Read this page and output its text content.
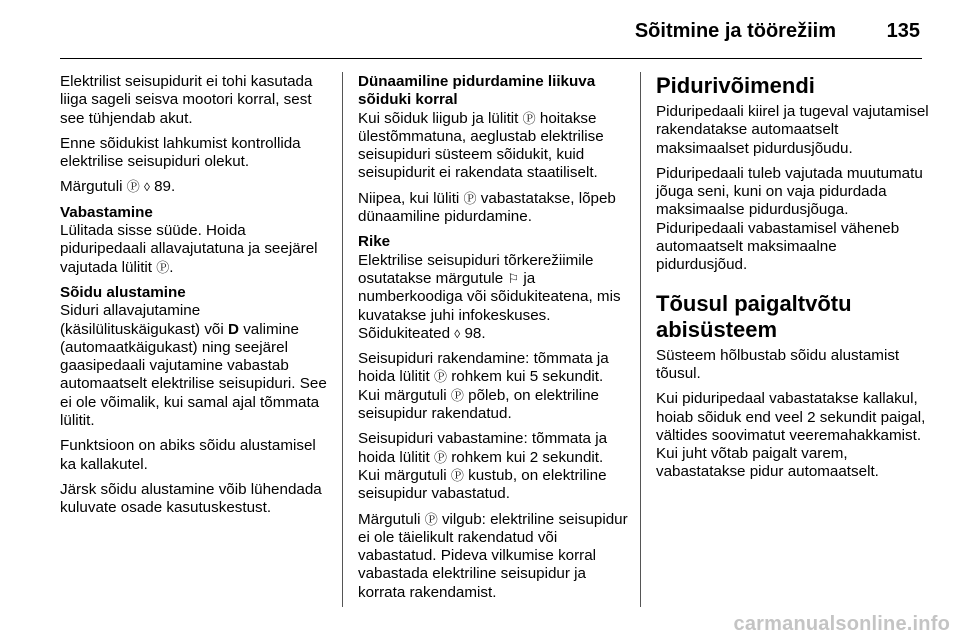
Sõitmine ja töörežiim	135

Elektrilist seisupidurit ei tohi kasutada liiga sageli seisva mootori korral, sest see tühjendab akut.

Enne sõidukist lahkumist kontrollida elektrilise seisupiduri olekut.

Märgutuli Ⓟ ◊ 89.

Vabastamine

Lülitada sisse süüde. Hoida piduripedaali allavajutatuna ja seejärel vajutada lülitit Ⓟ.

Sõidu alustamine

Siduri allavajutamine (käsilülituskäigukast) või D valimine (automaatkäigukast) ning seejärel gaasipedaali vajutamine vabastab automaatselt elektrilise seisupiduri. See ei ole võimalik, kui samal ajal tõmmata lülitit.

Funktsioon on abiks sõidu alustamisel ka kallakutel.

Järsk sõidu alustamine võib lühendada kuluvate osade kasutuskestust.

Dünaamiline pidurdamine liikuva sõiduki korral

Kui sõiduk liigub ja lülitit Ⓟ hoitakse ülestõmmatuna, aeglustab elektrilise seisupiduri süsteem sõidukit, kuid seisupidurit ei rakendata staatiliselt.

Niipea, kui lüliti Ⓟ vabastatakse, lõpeb dünaamiline pidurdamine.

Rike

Elektrilise seisupiduri tõrkerežiimile osutatakse märgutule ⚐ ja numberkoodiga või sõidukiteatena, mis kuvatakse juhi infokeskuses. Sõidukiteated ◊ 98.

Seisupiduri rakendamine: tõmmata ja hoida lülitit Ⓟ rohkem kui 5 sekundit. Kui märgutuli Ⓟ põleb, on elektriline seisupidur rakendatud.

Seisupiduri vabastamine: tõmmata ja hoida lülitit Ⓟ rohkem kui 2 sekundit. Kui märgutuli Ⓟ kustub, on elektriline seisupidur vabastatud.

Märgutuli Ⓟ vilgub: elektriline seisupidur ei ole täielikult rakendatud või vabastatud. Pideva vilkumise korral vabastada elektriline seisupidur ja korrata rakendamist.

Pidurivõimendi

Piduripedaali kiirel ja tugeval vajutamisel rakendatakse automaatselt maksimaalset pidurdusjõudu.

Piduripedaali tuleb vajutada muutumatu jõuga seni, kuni on vaja pidurdada maksimaalse pidurdusjõuga. Piduripedaali vabastamisel väheneb automaatselt maksimaalne pidurdusjõud.

Tõusul paigaltvõtu abisüsteem

Süsteem hõlbustab sõidu alustamist tõusul.

Kui piduripedaal vabastatakse kallakul, hoiab sõiduk end veel 2 sekundit paigal, vältides soovimatut veeremahakkamist. Kui juht võtab paigalt varem, vabastatakse pidur automaatselt.

carmanualsonline.info
